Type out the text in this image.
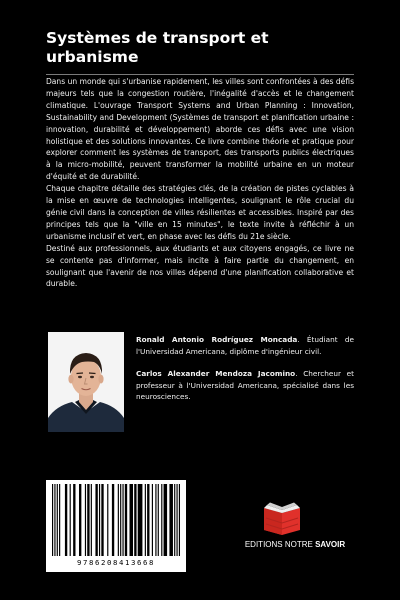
Systèmes de transport et
urbanisme

Dans un monde qui s'urbanise rapidement, les villes sont confrontées à des défis majeurs tels que la congestion routière, l'inégalité d'accès et le changement climatique. L'ouvrage Transport Systems and Urban Planning : Innovation, Sustainability and Development (Systèmes de transport et planification urbaine : innovation, durabilité et développement) aborde ces défis avec une vision holistique et des solutions innovantes. Ce livre combine théorie et pratique pour explorer comment les systèmes de transport, des transports publics électriques à la micro-mobilité, peuvent transformer la mobilité urbaine en un moteur d'équité et de durabilité.

Chaque chapitre détaille des stratégies clés, de la création de pistes cyclables à la mise en œuvre de technologies intelligentes, soulignant le rôle crucial du génie civil dans la conception de villes résilientes et accessibles. Inspiré par des principes tels que la "ville en 15 minutes", le texte invite à réfléchir à un urbanisme inclusif et vert, en phase avec les défis du 21e siècle.

Destiné aux professionnels, aux étudiants et aux citoyens engagés, ce livre ne se contente pas d'informer, mais incite à faire partie du changement, en soulignant que l'avenir de nos villes dépend d'une planification collaborative et durable.

Ronald Antonio Rodríguez Moncada. Étudiant de l'Universidad Americana, diplôme d'ingénieur civil.
Carlos Alexander Mendoza Jacomino. Chercheur et professeur à l'Universidad Americana, spécialisé dans les neurosciences.
9786208413668
EDITIONS NOTRE SAVOIR
